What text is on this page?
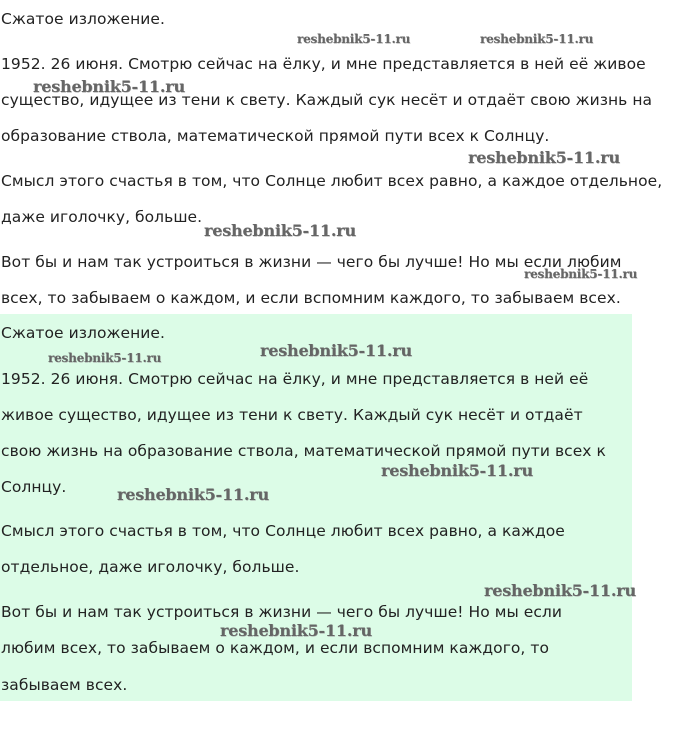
Сжатое изложение.
1952. 26 июня. Смотрю сейчас на ёлку, и мне представляется в ней её живое
существо, идущее из тени к свету. Каждый сук несёт и отдаёт свою жизнь на
образование ствола, математической прямой пути всех к Солнцу.
Смысл этого счастья в том, что Солнце любит всех равно, а каждое отдельное,
даже иголочку, больше.
Вот бы и нам так устроиться в жизни — чего бы лучше! Но мы если любим
всех, то забываем о каждом, и если вспомним каждого, то забываем всех.
Сжатое изложение.
1952. 26 июня. Смотрю сейчас на ёлку, и мне представляется в ней её
живое существо, идущее из тени к свету. Каждый сук несёт и отдаёт
свою жизнь на образование ствола, математической прямой пути всех к
Солнцу.
Смысл этого счастья в том, что Солнце любит всех равно, а каждое
отдельное, даже иголочку, больше.
Вот бы и нам так устроиться в жизни — чего бы лучше! Но мы если
любим всех, то забываем о каждом, и если вспомним каждого, то
забываем всех.
reshebnik5-11.ru	reshebnik5-11.ru
reshebnik5-11.ru
reshebnik5-11.ru
reshebnik5-11.ru
reshebnik5-11.ru
reshebnik5-11.ru	reshebnik5-11.ru
reshebnik5-11.ru
reshebnik5-11.ru
reshebnik5-11.ru
reshebnik5-11.ru
